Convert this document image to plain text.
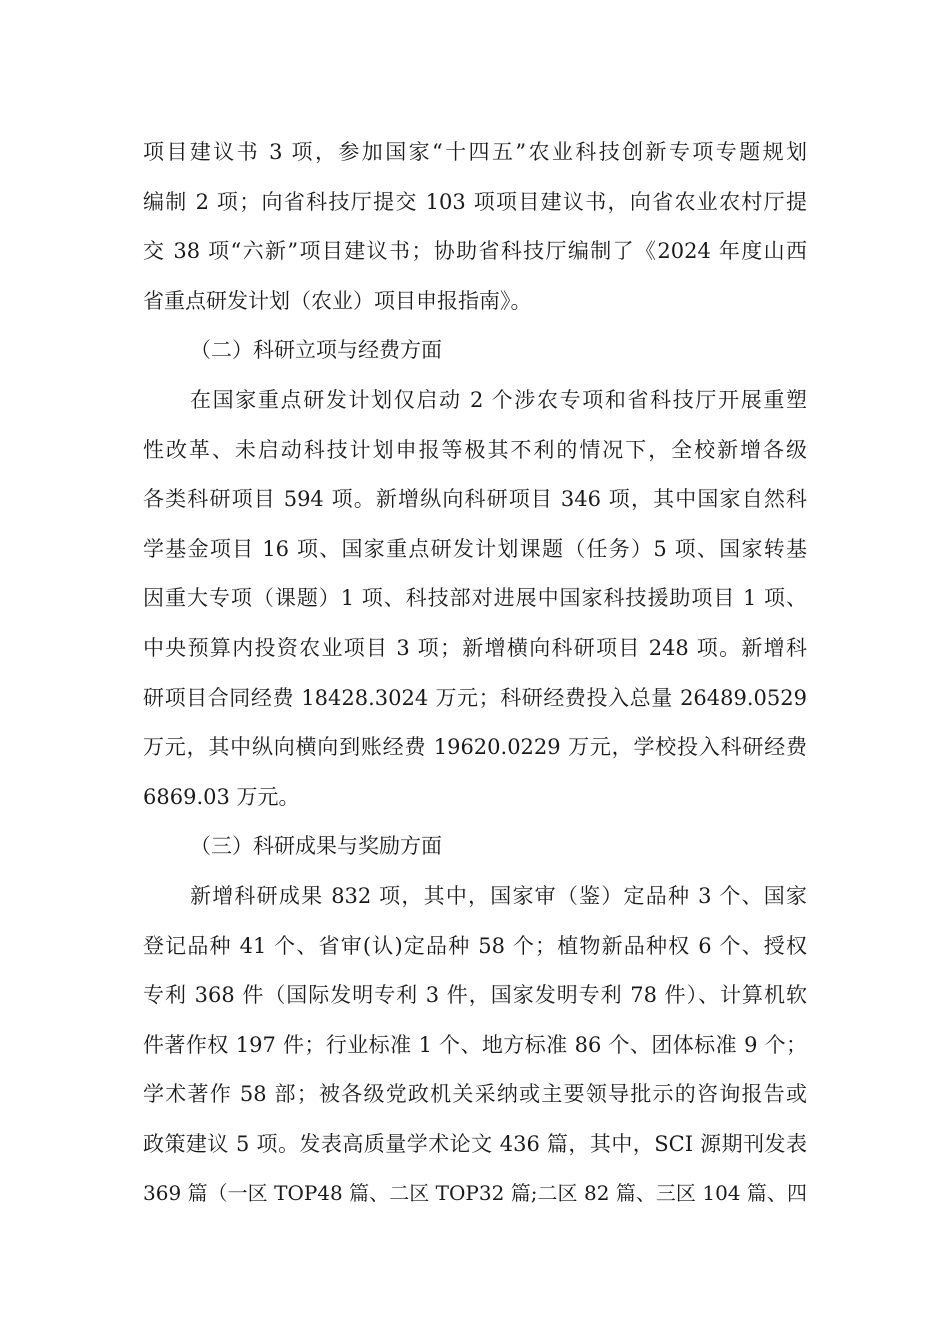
项目建议书 3 项，参加国家“十四五”农业科技创新专项专题规划
编制 2 项；向省科技厅提交 103 项项目建议书，向省农业农村厅提
交 38 项“六新”项目建议书；协助省科技厅编制了《2024 年度山西
省重点研发计划（农业）项目申报指南》。
（二）科研立项与经费方面
在国家重点研发计划仅启动 2 个涉农专项和省科技厅开展重塑
性改革、未启动科技计划申报等极其不利的情况下，全校新增各级
各类科研项目 594 项。新增纵向科研项目 346 项，其中国家自然科
学基金项目 16 项、国家重点研发计划课题（任务）5 项、国家转基
因重大专项（课题）1 项、科技部对进展中国家科技援助项目 1 项、
中央预算内投资农业项目 3 项；新增横向科研项目 248 项。新增科
研项目合同经费 18428.3024 万元；科研经费投入总量 26489.0529
万元，其中纵向横向到账经费 19620.0229 万元，学校投入科研经费
6869.03 万元。
（三）科研成果与奖励方面
新增科研成果 832 项，其中，国家审（鉴）定品种 3 个、国家
登记品种 41 个、省审(认)定品种 58 个；植物新品种权 6 个、授权
专利 368 件（国际发明专利 3 件，国家发明专利 78 件）、计算机软
件著作权 197 件；行业标准 1 个、地方标准 86 个、团体标准 9 个；
学术著作 58 部；被各级党政机关采纳或主要领导批示的咨询报告或
政策建议 5 项。发表高质量学术论文 436 篇，其中，SCI 源期刊发表
369 篇（一区 TOP48 篇、二区 TOP32 篇;二区 82 篇、三区 104 篇、四
